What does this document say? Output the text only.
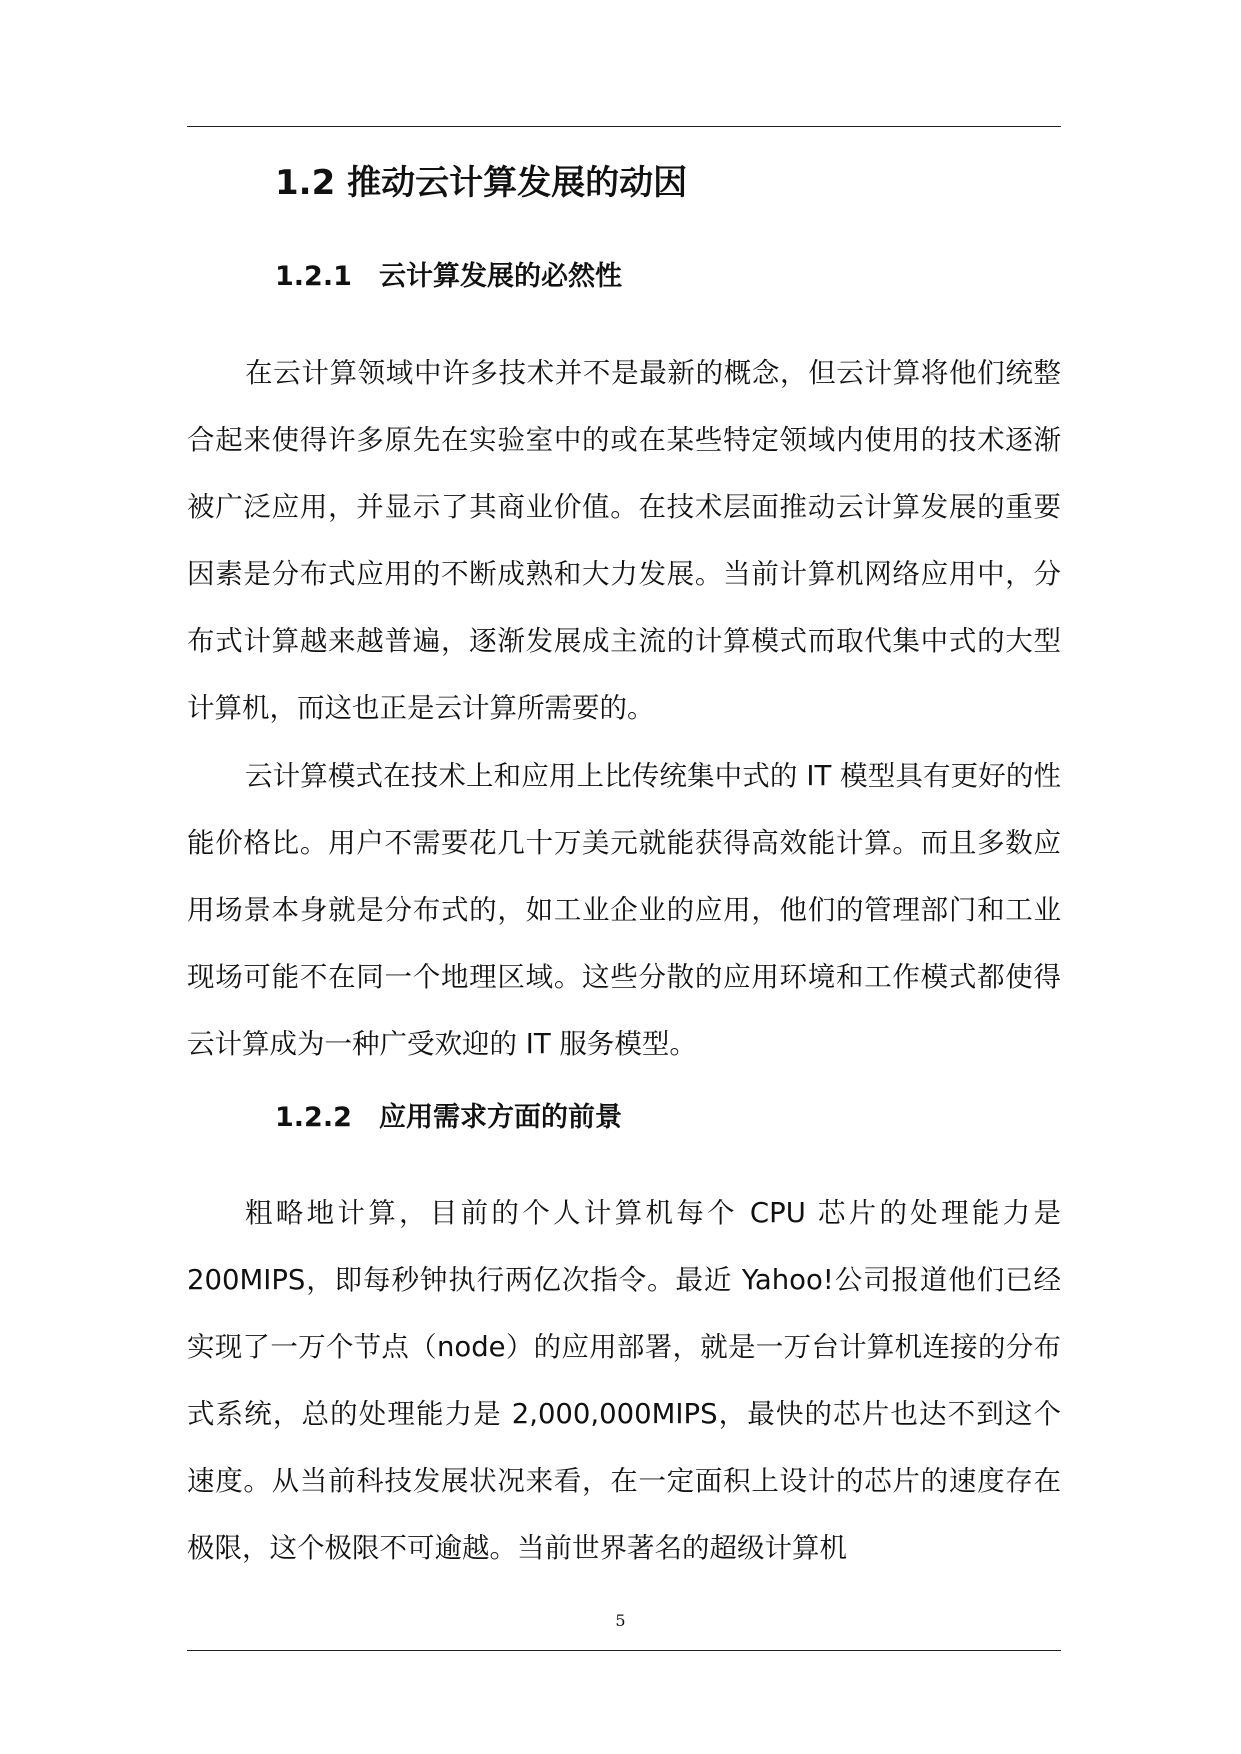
1.2 推动云计算发展的动因
1.2.1 云计算发展的必然性

在云计算领域中许多技术并不是最新的概念，但云计算将他们统整合起来使得许多原先在实验室中的或在某些特定领域内使用的技术逐渐被广泛应用，并显示了其商业价值。在技术层面推动云计算发展的重要因素是分布式应用的不断成熟和大力发展。当前计算机网络应用中，分布式计算越来越普遍，逐渐发展成主流的计算模式而取代集中式的大型计算机，而这也正是云计算所需要的。

云计算模式在技术上和应用上比传统集中式的 IT 模型具有更好的性能价格比。用户不需要花几十万美元就能获得高效能计算。而且多数应用场景本身就是分布式的，如工业企业的应用，他们的管理部门和工业现场可能不在同一个地理区域。这些分散的应用环境和工作模式都使得云计算成为一种广受欢迎的 IT 服务模型。

1.2.2 应用需求方面的前景

粗略地计算，目前的个人计算机每个 CPU 芯片的处理能力是200MIPS，即每秒钟执行两亿次指令。最近 Yahoo!公司报道他们已经实现了一万个节点（node）的应用部署，就是一万台计算机连接的分布式系统，总的处理能力是 2,000,000MIPS，最快的芯片也达不到这个速度。从当前科技发展状况来看，在一定面积上设计的芯片的速度存在极限，这个极限不可逾越。当前世界著名的超级计算机

5
